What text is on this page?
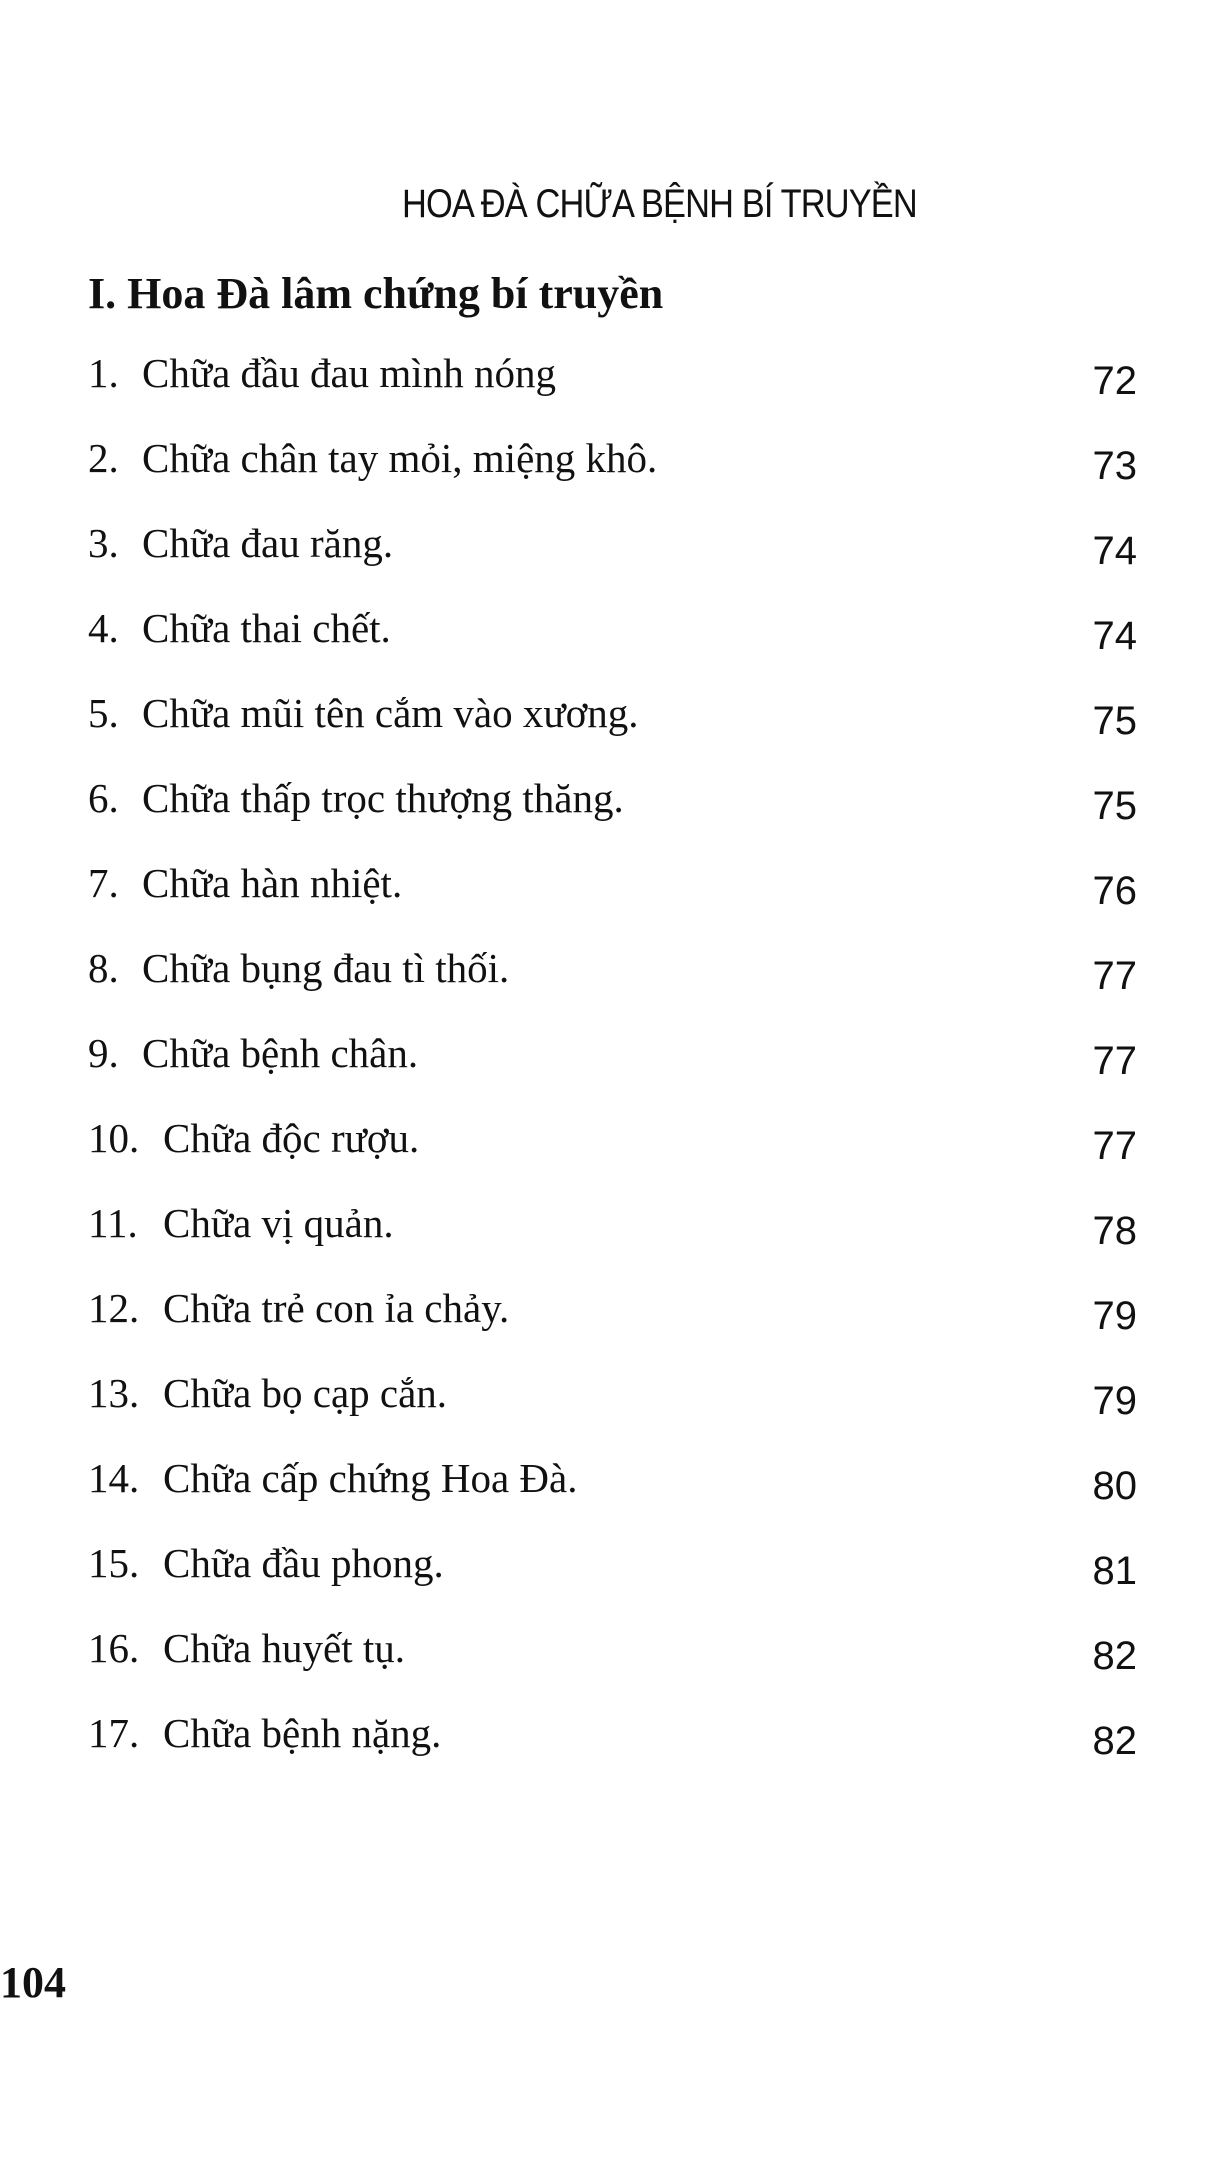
HOA ĐÀ CHỮA BỆNH BÍ TRUYỀN
I. Hoa Đà lâm chứng bí truyền
1. Chữa đầu đau mình nóng	72
2. Chữa chân tay mỏi, miệng khô.	73
3. Chữa đau răng.	74
4. Chữa thai chết.	74
5. Chữa mũi tên cắm vào xương.	75
6. Chữa thấp trọc thượng thăng.	75
7. Chữa hàn nhiệt.	76
8. Chữa bụng đau tì thối.	77
9. Chữa bệnh chân.	77
10. Chữa độc rượu.	77
11. Chữa vị quản.	78
12. Chữa trẻ con ỉa chảy.	79
13. Chữa bọ cạp cắn.	79
14. Chữa cấp chứng Hoa Đà.	80
15. Chữa đầu phong.	81
16. Chữa huyết tụ.	82
17. Chữa bệnh nặng.	82
104
